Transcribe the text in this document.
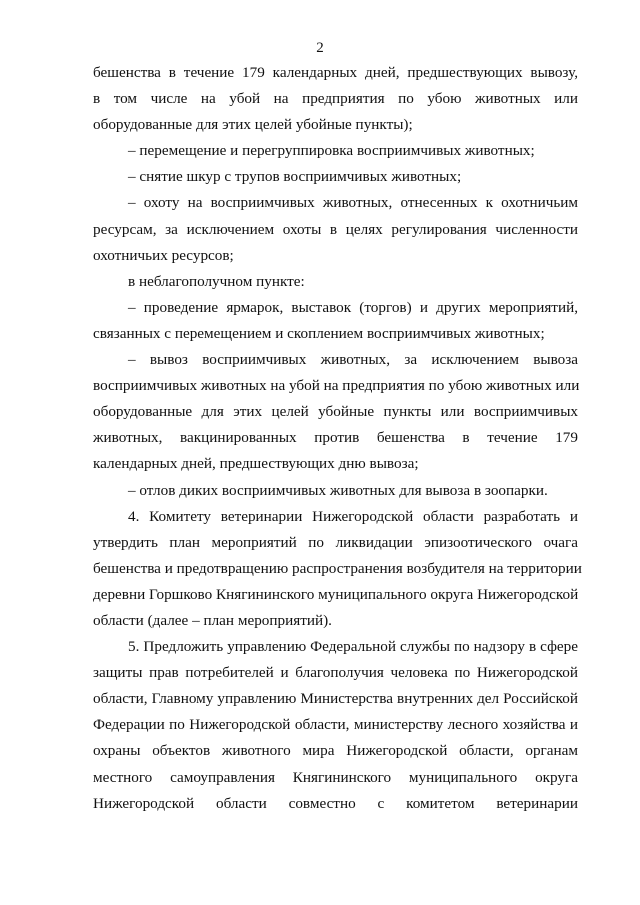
2
бешенства в течение 179 календарных дней, предшествующих вывозу,
в том числе на убой на предприятия по убою животных или
оборудованные для этих целей убойные пункты);
– перемещение и перегруппировка восприимчивых животных;
– снятие шкур с трупов восприимчивых животных;
– охоту на восприимчивых животных, отнесенных к охотничьим
ресурсам, за исключением охоты в целях регулирования численности
охотничьих ресурсов;
в неблагополучном пункте:
– проведение ярмарок, выставок (торгов) и других мероприятий,
связанных с перемещением и скоплением восприимчивых животных;
– вывоз восприимчивых животных, за исключением вывоза
восприимчивых животных на убой на предприятия по убою животных или
оборудованные для этих целей убойные пункты или восприимчивых
животных, вакцинированных против бешенства в течение 179
календарных дней, предшествующих дню вывоза;
– отлов диких восприимчивых животных для вывоза в зоопарки.
4. Комитету ветеринарии Нижегородской области разработать и
утвердить план мероприятий по ликвидации эпизоотического очага
бешенства и предотвращению распространения возбудителя на территории
деревни Горшково Княгининского муниципального округа Нижегородской
области (далее – план мероприятий).
5. Предложить управлению Федеральной службы по надзору в сфере
защиты прав потребителей и благополучия человека по Нижегородской
области, Главному управлению Министерства внутренних дел Российской
Федерации по Нижегородской области, министерству лесного хозяйства и
охраны объектов животного мира Нижегородской области, органам
местного самоуправления Княгининского муниципального округа
Нижегородской области совместно с комитетом ветеринарии
